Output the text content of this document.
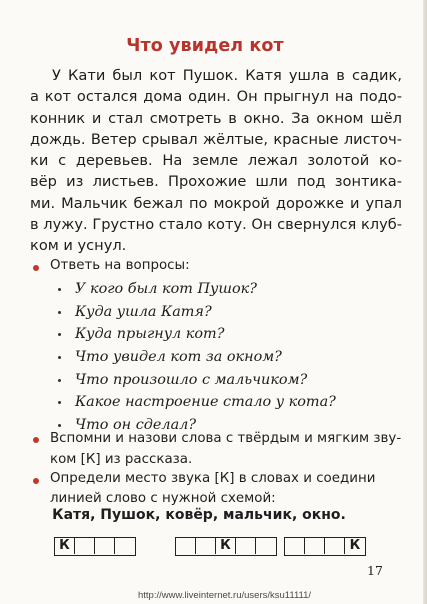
Что увидел кот
У Кати был кот Пушок. Катя ушла в садик,
а кот остался дома один. Он прыгнул на подо-
конник и стал смотреть в окно. За окном шёл
дождь. Ветер срывал жёлтые, красные листоч-
ки с деревьев. На земле лежал золотой ко-
вёр из листьев. Прохожие шли под зонтика-
ми. Мальчик бежал по мокрой дорожке и упал
в лужу. Грустно стало коту. Он свернулся клуб-
ком и уснул.
Ответь на вопросы:
У кого был кот Пушок?
Куда ушла Катя?
Куда прыгнул кот?
Что увидел кот за окном?
Что произошло с мальчиком?
Какое настроение стало у кота?
Что он сделал?
Вспомни и назови слова с твёрдым и мягким зву-
ком [К] из рассказа.
Определи место звука [К] в словах и соедини
линией слово с нужной схемой:
Катя, Пушок, ковёр, мальчик, окно.
К	К	К
17
http://www.liveinternet.ru/users/ksu11111/
